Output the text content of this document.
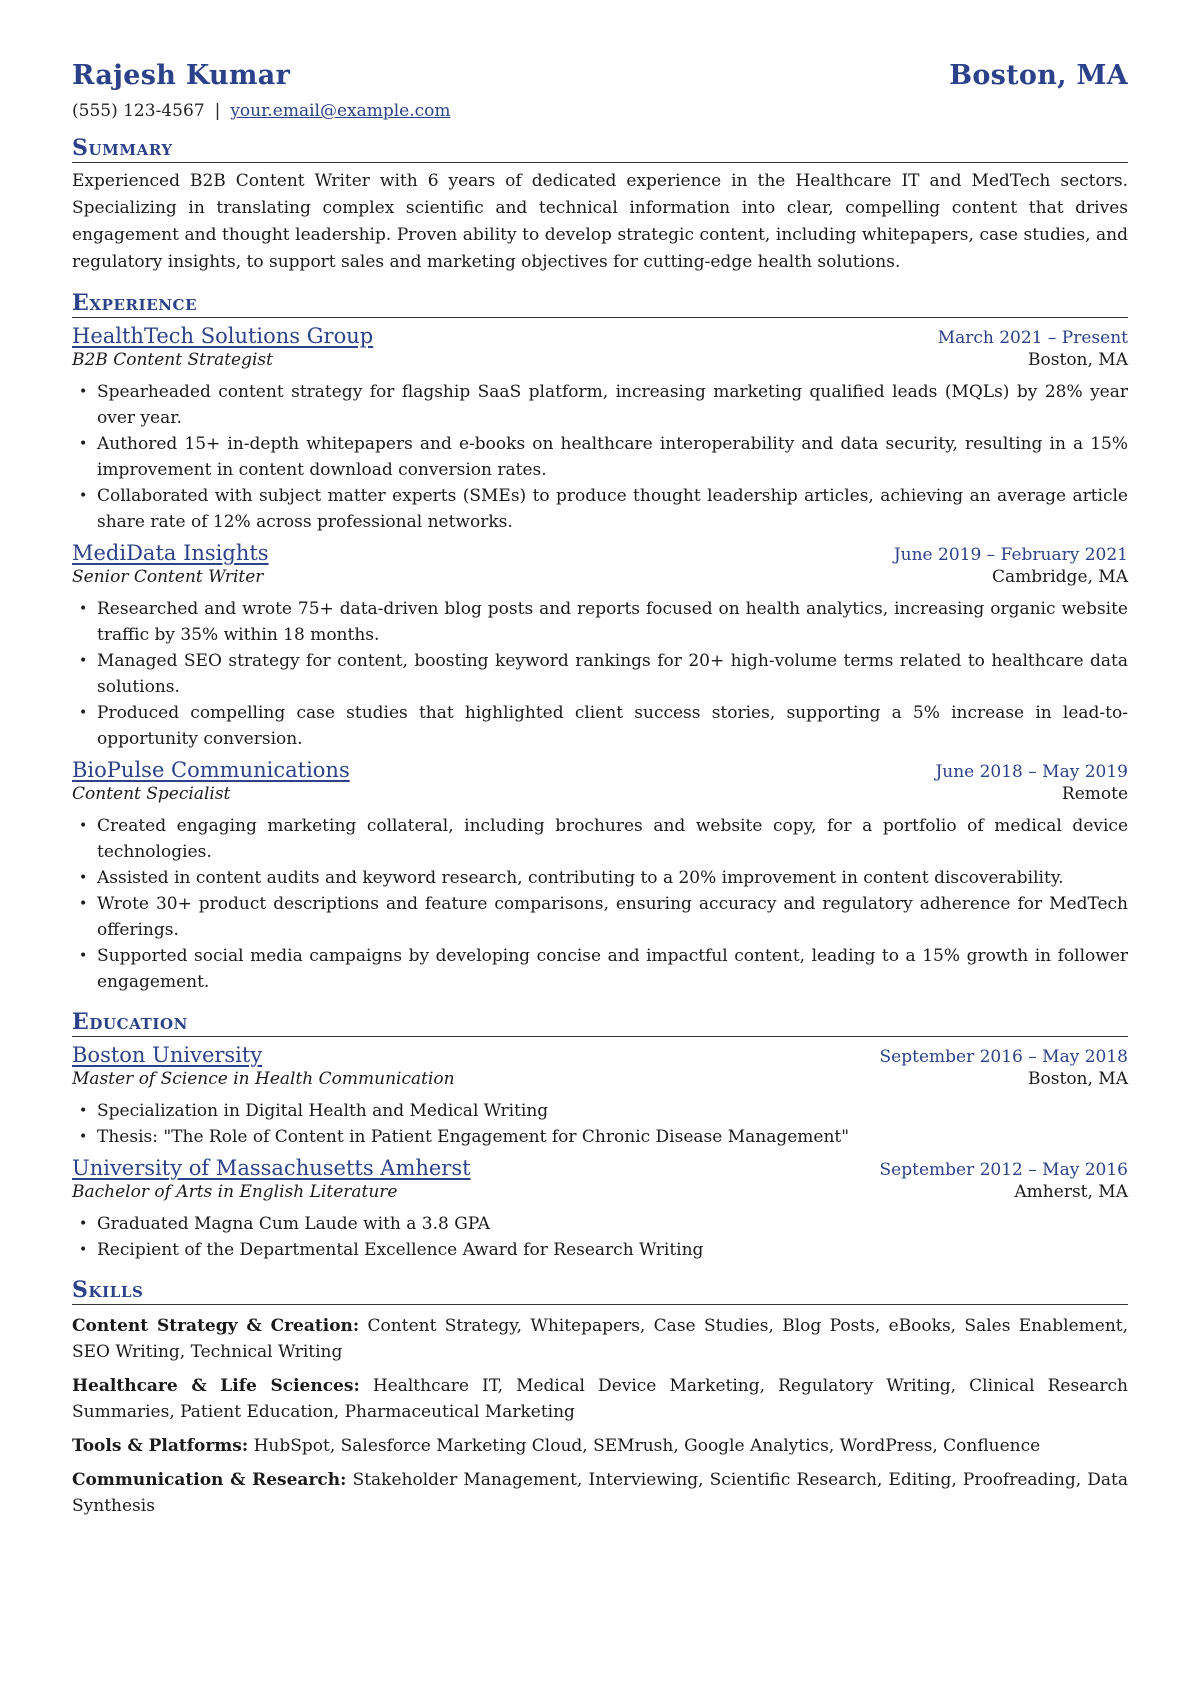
Rajesh Kumar	Boston, MA
(555) 123-4567 | your.email@example.com
Summary
Experienced B2B Content Writer with 6 years of dedicated experience in the Healthcare IT and MedTech sectors. Specializing in translating complex scientific and technical information into clear, compelling content that drives engagement and thought leadership. Proven ability to develop strategic content, including whitepapers, case studies, and regulatory insights, to support sales and marketing objectives for cutting-edge health solutions.
Experience
HealthTech Solutions Group	March 2021 – Present
B2B Content Strategist	Boston, MA
• Spearheaded content strategy for flagship SaaS platform, increasing marketing qualified leads (MQLs) by 28% year over year.
• Authored 15+ in-depth whitepapers and e-books on healthcare interoperability and data security, resulting in a 15% improvement in content download conversion rates.
• Collaborated with subject matter experts (SMEs) to produce thought leadership articles, achieving an average article share rate of 12% across professional networks.
MediData Insights	June 2019 – February 2021
Senior Content Writer	Cambridge, MA
• Researched and wrote 75+ data-driven blog posts and reports focused on health analytics, increasing organic website traffic by 35% within 18 months.
• Managed SEO strategy for content, boosting keyword rankings for 20+ high-volume terms related to healthcare data solutions.
• Produced compelling case studies that highlighted client success stories, supporting a 5% increase in lead-to-opportunity conversion.
BioPulse Communications	June 2018 – May 2019
Content Specialist	Remote
• Created engaging marketing collateral, including brochures and website copy, for a portfolio of medical device technologies.
• Assisted in content audits and keyword research, contributing to a 20% improvement in content discoverability.
• Wrote 30+ product descriptions and feature comparisons, ensuring accuracy and regulatory adherence for MedTech offerings.
• Supported social media campaigns by developing concise and impactful content, leading to a 15% growth in follower engagement.
Education
Boston University	September 2016 – May 2018
Master of Science in Health Communication	Boston, MA
• Specialization in Digital Health and Medical Writing
• Thesis: "The Role of Content in Patient Engagement for Chronic Disease Management"
University of Massachusetts Amherst	September 2012 – May 2016
Bachelor of Arts in English Literature	Amherst, MA
• Graduated Magna Cum Laude with a 3.8 GPA
• Recipient of the Departmental Excellence Award for Research Writing
Skills
Content Strategy & Creation: Content Strategy, Whitepapers, Case Studies, Blog Posts, eBooks, Sales Enablement, SEO Writing, Technical Writing
Healthcare & Life Sciences: Healthcare IT, Medical Device Marketing, Regulatory Writing, Clinical Research Summaries, Patient Education, Pharmaceutical Marketing
Tools & Platforms: HubSpot, Salesforce Marketing Cloud, SEMrush, Google Analytics, WordPress, Confluence
Communication & Research: Stakeholder Management, Interviewing, Scientific Research, Editing, Proofreading, Data Synthesis
